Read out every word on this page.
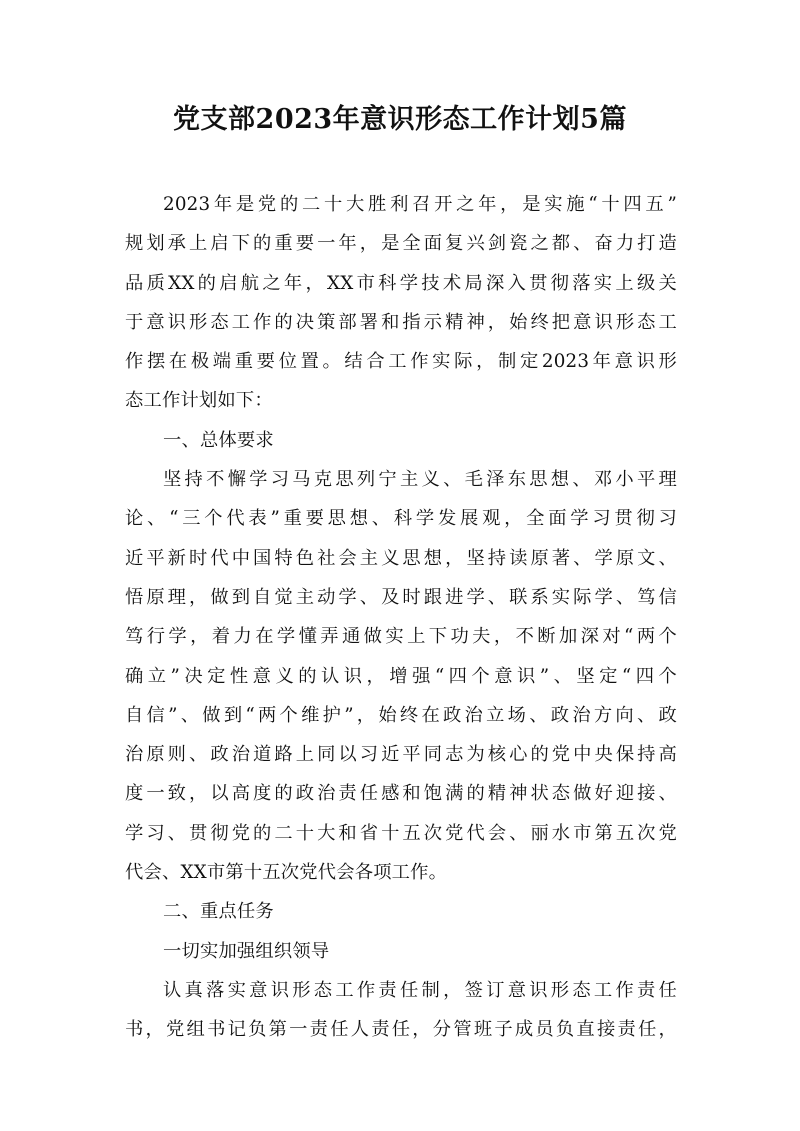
党支部2023年意识形态工作计划5篇
2023年是党的二十大胜利召开之年，是实施“十四五”
规划承上启下的重要一年，是全面复兴剑瓷之都、奋力打造
品质XX的启航之年，XX市科学技术局深入贯彻落实上级关
于意识形态工作的决策部署和指示精神，始终把意识形态工
作摆在极端重要位置。结合工作实际，制定2023年意识形
态工作计划如下：
一、总体要求
坚持不懈学习马克思列宁主义、毛泽东思想、邓小平理
论、“三个代表”重要思想、科学发展观，全面学习贯彻习
近平新时代中国特色社会主义思想，坚持读原著、学原文、
悟原理，做到自觉主动学、及时跟进学、联系实际学、笃信
笃行学，着力在学懂弄通做实上下功夫，不断加深对“两个
确立”决定性意义的认识，增强“四个意识”、坚定“四个
自信”、做到“两个维护”，始终在政治立场、政治方向、政
治原则、政治道路上同以习近平同志为核心的党中央保持高
度一致，以高度的政治责任感和饱满的精神状态做好迎接、
学习、贯彻党的二十大和省十五次党代会、丽水市第五次党
代会、XX市第十五次党代会各项工作。
二、重点任务
一切实加强组织领导
认真落实意识形态工作责任制，签订意识形态工作责任
书，党组书记负第一责任人责任，分管班子成员负直接责任，
